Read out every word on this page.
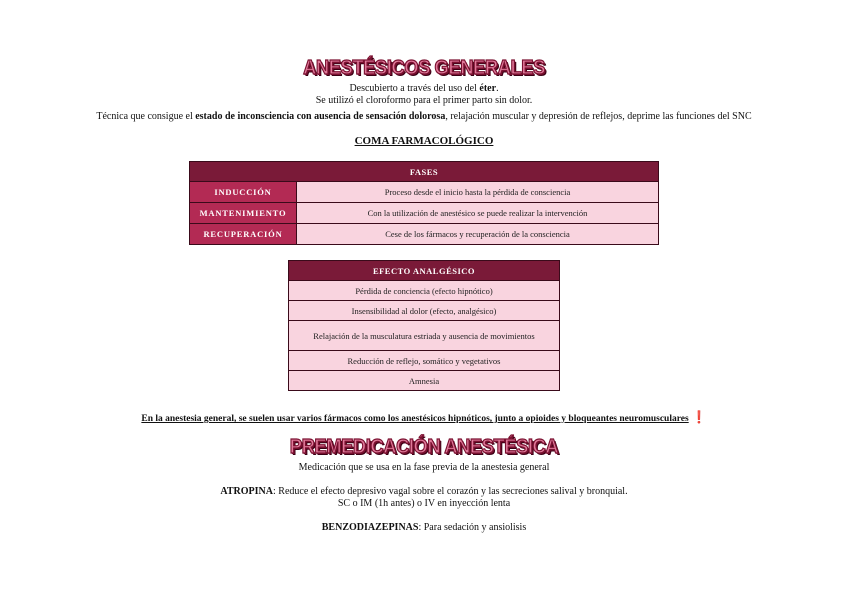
ANESTÉSICOS GENERALES
Descubierto a través del uso del éter.
Se utilizó el cloroformo para el primer parto sin dolor.
Técnica que consigue el estado de inconsciencia con ausencia de sensación dolorosa, relajación muscular y depresión de reflejos, deprime las funciones del SNC
COMA FARMACOLÓGICO
FASES	
INDUCCIÓN	Proceso desde el inicio hasta la pérdida de consciencia
MANTENIMIENTO	Con la utilización de anestésico se puede realizar la intervención
RECUPERACIÓN	Cese de los fármacos y recuperación de la consciencia
EFECTO ANALGÉSICO
Pérdida de conciencia (efecto hipnótico)
Insensibilidad al dolor (efecto, analgésico)
Relajación de la musculatura estriada y ausencia de movimientos
Reducción de reflejo, somático y vegetativos
Amnesia
En la anestesia general, se suelen usar varios fármacos como los anestésicos hipnóticos, junto a opioides y bloqueantes neuromusculares ❗
PREMEDICACIÓN ANESTÉSICA
Medicación que se usa en la fase previa de la anestesia general
ATROPINA: Reduce el efecto depresivo vagal sobre el corazón y las secreciones salival y bronquial.
SC o IM (1h antes) o IV en inyección lenta
BENZODIAZEPINAS: Para sedación y ansiolisis
